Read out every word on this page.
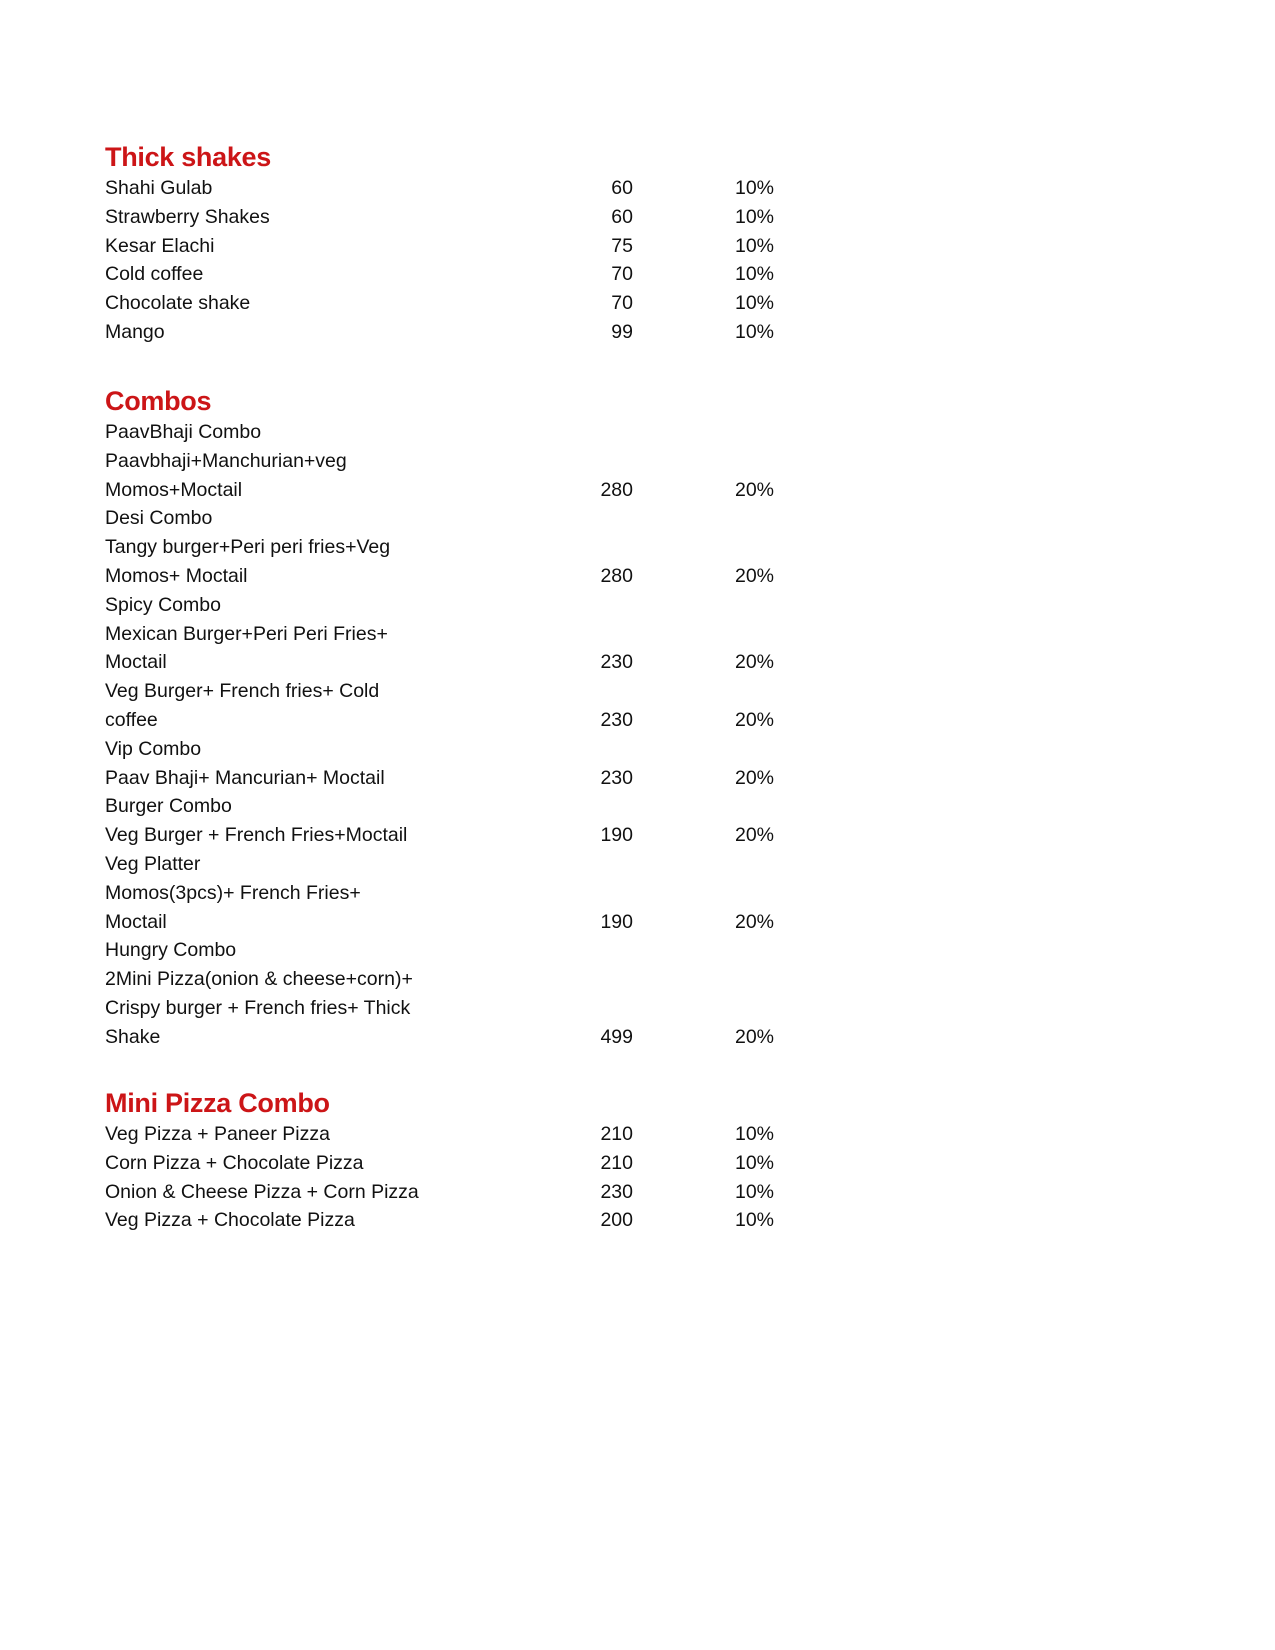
Thick shakes
Shahi Gulab	60	10%
Strawberry Shakes	60	10%
Kesar Elachi	75	10%
Cold coffee	70	10%
Chocolate shake	70	10%
Mango	99	10%
Combos
PaavBhaji Combo
Paavbhaji+Manchurian+veg
Momos+Moctail	280	20%
Desi Combo
Tangy burger+Peri peri fries+Veg
Momos+ Moctail	280	20%
Spicy Combo
Mexican Burger+Peri Peri Fries+
Moctail	230	20%
Veg Burger+ French fries+ Cold
coffee	230	20%
Vip Combo
Paav Bhaji+ Mancurian+ Moctail	230	20%
Burger Combo
Veg Burger + French Fries+Moctail	190	20%
Veg Platter
Momos(3pcs)+ French Fries+
Moctail	190	20%
Hungry Combo
2Mini Pizza(onion & cheese+corn)+
Crispy burger + French fries+ Thick
Shake	499	20%
Mini Pizza Combo
Veg Pizza + Paneer Pizza	210	10%
Corn Pizza + Chocolate Pizza	210	10%
Onion & Cheese Pizza + Corn Pizza	230	10%
Veg Pizza + Chocolate Pizza	200	10%
